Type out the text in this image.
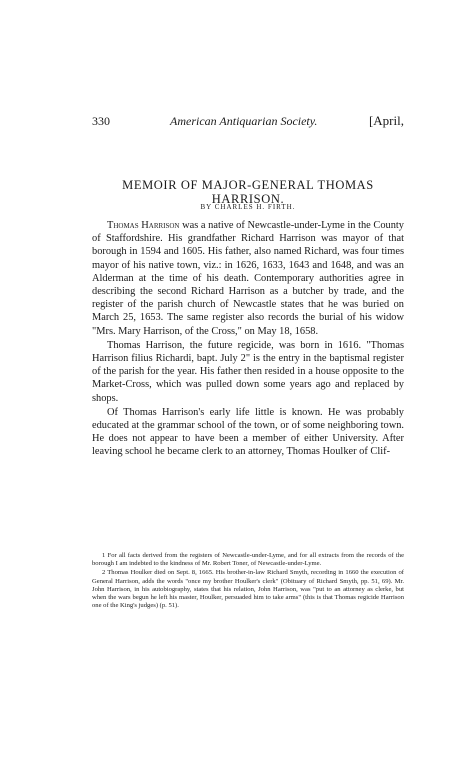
330	American Antiquarian Society.	[April,
MEMOIR OF MAJOR-GENERAL THOMAS HARRISON.
BY CHARLES H. FIRTH.

Thomas Harrison was a native of Newcastle-under-Lyme in the County of Staffordshire. His grandfather Richard Harrison was mayor of that borough in 1594 and 1605. His father, also named Richard, was four times mayor of his native town, viz.: in 1626, 1633, 1643 and 1648, and was an Alderman at the time of his death. Contemporary authorities agree in describing the second Richard Harrison as a butcher by trade, and the register of the parish church of Newcastle states that he was buried on March 25, 1653. The same register also records the burial of his widow "Mrs. Mary Harrison, of the Cross," on May 18, 1658.

Thomas Harrison, the future regicide, was born in 1616. "Thomas Harrison filius Richardi, bapt. July 2" is the entry in the baptismal register of the parish for the year. His father then resided in a house opposite to the Market-Cross, which was pulled down some years ago and replaced by shops.

Of Thomas Harrison's early life little is known. He was probably educated at the grammar school of the town, or of some neighboring town. He does not appear to have been a member of either University. After leaving school he became clerk to an attorney, Thomas Houlker of Clif-

1 For all facts derived from the registers of Newcastle-under-Lyme, and for all extracts from the records of the borough I am indebted to the kindness of Mr. Robert Toner, of Newcastle-under-Lyme.

2 Thomas Houlker died on Sept. 8, 1665. His brother-in-law Richard Smyth, recording in 1660 the execution of General Harrison, adds the words "once my brother Houlker's clerk" (Obituary of Richard Smyth, pp. 51, 69). Mr. John Harrison, in his autobiography, states that his relation, John Harrison, was "put to an attorney as clerke, but when the wars begun he left his master, Houlker, persuaded him to take arms" (this is that Thomas regicide Harrison one of the King's judges) (p. 51).
